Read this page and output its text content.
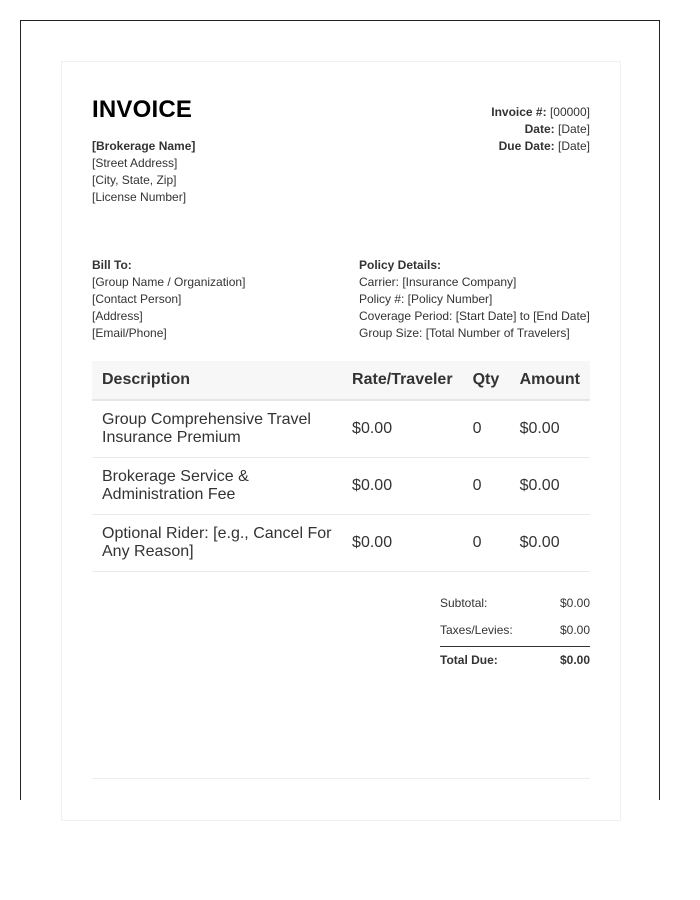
INVOICE
[Brokerage Name]
[Street Address]
[City, State, Zip]
[License Number]
Invoice #: [00000]
Date: [Date]
Due Date: [Date]
Bill To:
[Group Name / Organization]
[Contact Person]
[Address]
[Email/Phone]
Policy Details:
Carrier: [Insurance Company]
Policy #: [Policy Number]
Coverage Period: [Start Date] to [End Date]
Group Size: [Total Number of Travelers]
Description	Rate/Traveler	Qty	Amount
Group Comprehensive Travel Insurance Premium	$0.00	0	$0.00
Brokerage Service & Administration Fee	$0.00	0	$0.00
Optional Rider: [e.g., Cancel For Any Reason]	$0.00	0	$0.00
Subtotal:	$0.00
Taxes/Levies:	$0.00
Total Due:	$0.00
